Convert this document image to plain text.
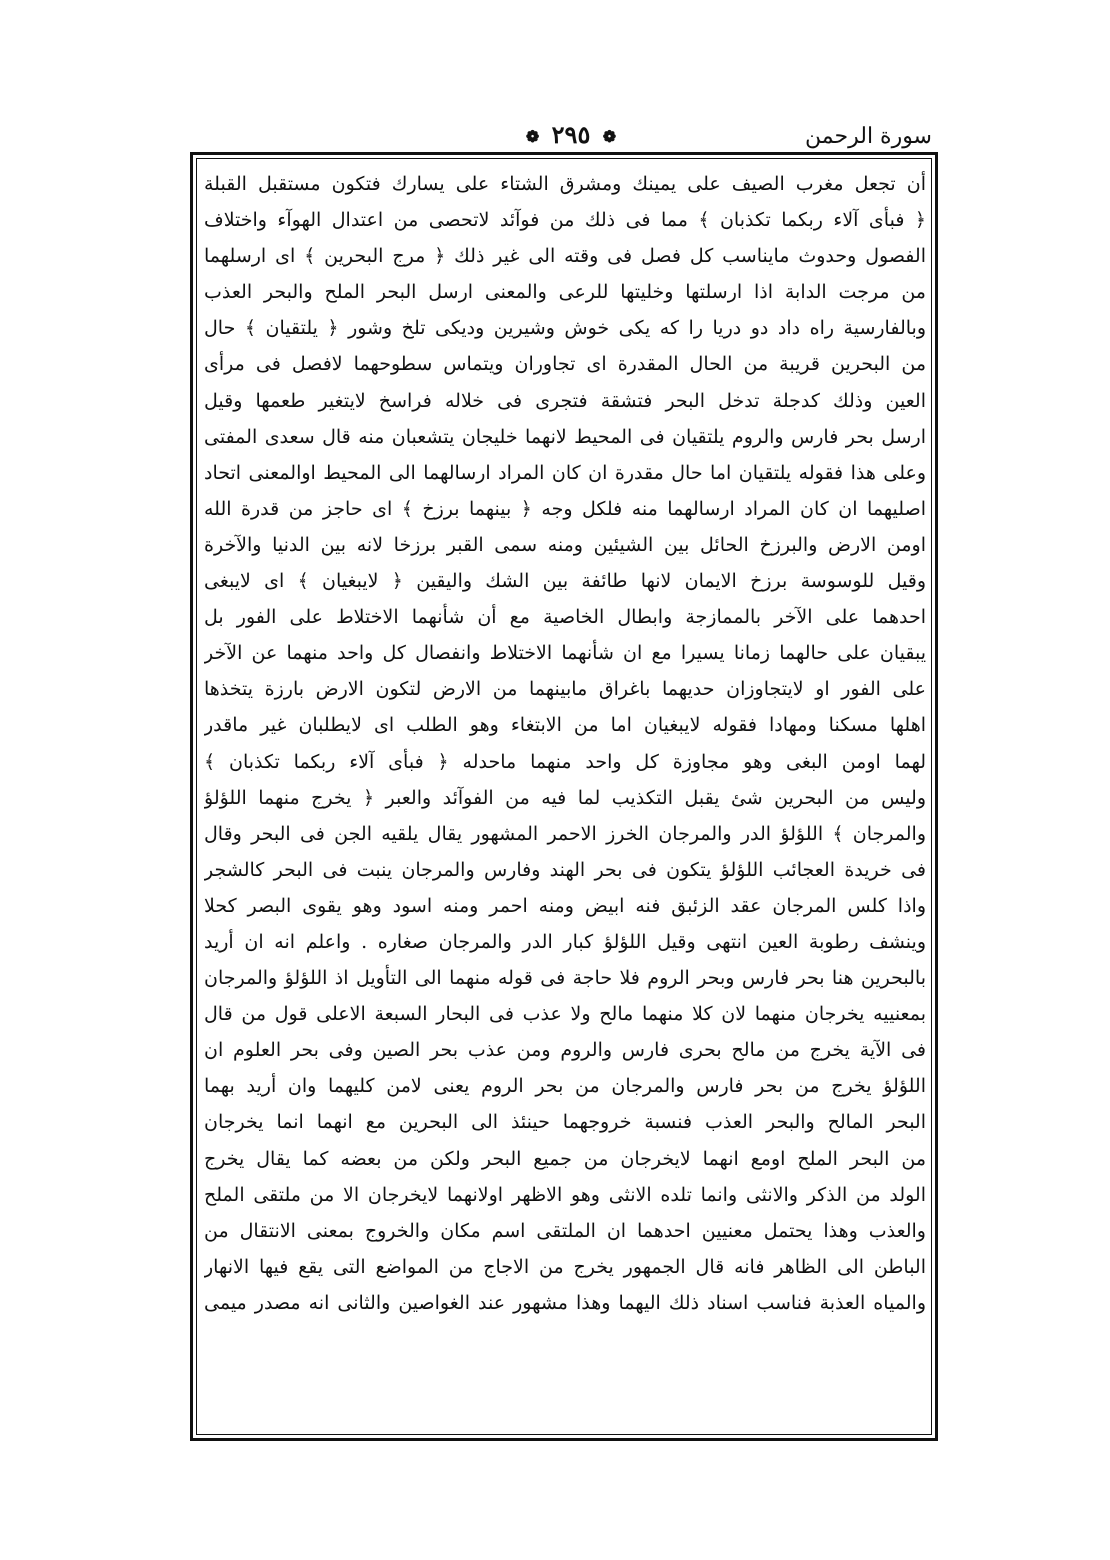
❁ ٢٩٥ ❁	سورة الرحمن
أن تجعل مغرب الصيف على يمينك ومشرق الشتاء على يسارك فتكون مستقبل القبلة
﴿ فبأى آلاء ربكما تكذبان ﴾ مما فى ذلك من فوآئد لاتحصى من اعتدال الهوآء واختلاف
الفصول وحدوث مايناسب كل فصل فى وقته الى غير ذلك ﴿ مرج البحرين ﴾ اى ارسلهما
من مرجت الدابة اذا ارسلتها وخليتها للرعى والمعنى ارسل البحر الملح والبحر العذب
وبالفارسية راه داد دو دريا را كه يكى خوش وشيرين وديكى تلخ وشور ﴿ يلتقيان ﴾ حال
من البحرين قريبة من الحال المقدرة اى تجاوران ويتماس سطوحهما لافصل فى مرأى
العين وذلك كدجلة تدخل البحر فتشقة فتجرى فى خلاله فراسخ لايتغير طعمها وقيل
ارسل بحر فارس والروم يلتقيان فى المحيط لانهما خليجان يتشعبان منه قال سعدى المفتى
وعلى هذا فقوله يلتقيان اما حال مقدرة ان كان المراد ارسالهما الى المحيط اوالمعنى اتحاد
اصليهما ان كان المراد ارسالهما منه فلكل وجه ﴿ بينهما برزخ ﴾ اى حاجز من قدرة الله
اومن الارض والبرزخ الحائل بين الشيئين ومنه سمى القبر برزخا لانه بين الدنيا والآخرة
وقيل للوسوسة برزخ الايمان لانها طائفة بين الشك واليقين ﴿ لايبغيان ﴾ اى لايبغى
احدهما على الآخر بالممازجة وابطال الخاصية مع أن شأنهما الاختلاط على الفور بل
يبقيان على حالهما زمانا يسيرا مع ان شأنهما الاختلاط وانفصال كل واحد منهما عن الآخر
على الفور او لايتجاوزان حديهما باغراق مابينهما من الارض لتكون الارض بارزة يتخذها
اهلها مسكنا ومهادا فقوله لايبغيان اما من الابتغاء وهو الطلب اى لايطلبان غير ماقدر
لهما اومن البغى وهو مجاوزة كل واحد منهما ماحدله ﴿ فبأى آلاء ربكما تكذبان ﴾
وليس من البحرين شئ يقبل التكذيب لما فيه من الفوآئد والعبر ﴿ يخرج منهما اللؤلؤ
والمرجان ﴾ اللؤلؤ الدر والمرجان الخرز الاحمر المشهور يقال يلقيه الجن فى البحر وقال
فى خريدة العجائب اللؤلؤ يتكون فى بحر الهند وفارس والمرجان ينبت فى البحر كالشجر
واذا كلس المرجان عقد الزئبق فنه ابيض ومنه احمر ومنه اسود وهو يقوى البصر كحلا
وينشف رطوبة العين انتهى وقيل اللؤلؤ كبار الدر والمرجان صغاره . واعلم انه ان أريد
بالبحرين هنا بحر فارس وبحر الروم فلا حاجة فى قوله منهما الى التأويل اذ اللؤلؤ والمرجان
بمعنييه يخرجان منهما لان كلا منهما مالح ولا عذب فى البحار السبعة الاعلى قول من قال
فى الآية يخرج من مالح بحرى فارس والروم ومن عذب بحر الصين وفى بحر العلوم ان
اللؤلؤ يخرج من بحر فارس والمرجان من بحر الروم يعنى لامن كليهما وان أريد بهما
البحر المالح والبحر العذب فنسبة خروجهما حينئذ الى البحرين مع انهما انما يخرجان
من البحر الملح اومع انهما لايخرجان من جميع البحر ولكن من بعضه كما يقال يخرج
الولد من الذكر والانثى وانما تلده الانثى وهو الاظهر اولانهما لايخرجان الا من ملتقى الملح
والعذب وهذا يحتمل معنيين احدهما ان الملتقى اسم مكان والخروج بمعنى الانتقال من
الباطن الى الظاهر فانه قال الجمهور يخرج من الاجاج من المواضع التى يقع فيها الانهار
والمياه العذبة فناسب اسناد ذلك اليهما وهذا مشهور عند الغواصين والثانى انه مصدر ميمى
